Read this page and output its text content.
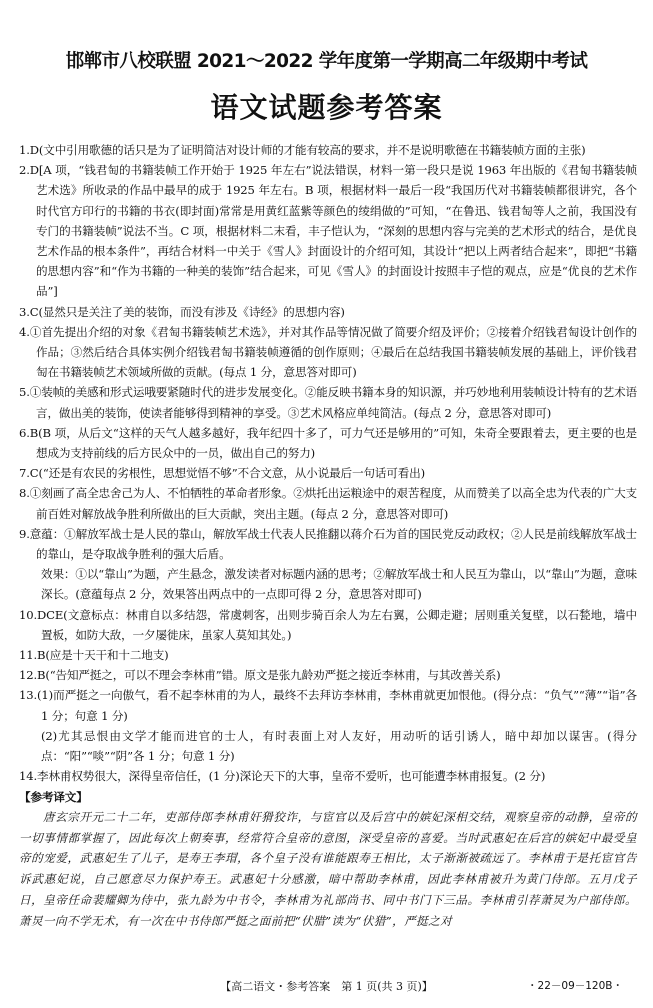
邯郸市八校联盟 2021～2022 学年度第一学期高二年级期中考试
语文试题参考答案

1.D(文中引用歌德的话只是为了证明简洁对设计师的才能有较高的要求，并不是说明歌德在书籍装帧方面的主张)

2.D[A 项，“钱君匋的书籍装帧工作开始于 1925 年左右”说法错误，材料一第一段只是说 1963 年出版的《君匋书籍装帧艺术选》所收录的作品中最早的成于 1925 年左右。B 项，根据材料一最后一段“我国历代对书籍装帧都很讲究，各个时代官方印行的书籍的书衣(即封面)常常是用黄红蓝紫等颜色的绫绢做的”可知，“在鲁迅、钱君匋等人之前，我国没有专门的书籍装帧”说法不当。C 项，根据材料二末看，丰子恺认为，“深刻的思想内容与完美的艺术形式的结合，是优良艺术作品的根本条件”，再结合材料一中关于《雪人》封面设计的介绍可知，其设计“把以上两者结合起来”，即把“书籍的思想内容”和“作为书籍的一种美的装饰”结合起来，可见《雪人》的封面设计按照丰子恺的观点，应是“优良的艺术作品”]

3.C(显然只是关注了美的装饰，而没有涉及《诗经》的思想内容)

4.①首先提出介绍的对象《君匋书籍装帧艺术选》，并对其作品等情况做了简要介绍及评价；②接着介绍钱君匋设计创作的作品；③然后结合具体实例介绍钱君匋书籍装帧遵循的创作原则；④最后在总结我国书籍装帧发展的基础上，评价钱君匋在书籍装帧艺术领域所做的贡献。(每点 1 分，意思答对即可)

5.①装帧的美感和形式运哦要紧随时代的进步发展变化。②能反映书籍本身的知识源，并巧妙地利用装帧设计特有的艺术语言，做出美的装饰，使读者能够得到精神的享受。③艺术风格应单纯简洁。(每点 2 分，意思答对即可)

6.B(B 项，从后文“这样的天气人越多越好，我年纪四十多了，可力气还是够用的”可知，朱奇全要跟着去，更主要的也是想成为支持前线的后方民众中的一员，做出自己的努力)

7.C(“还是有农民的劣根性，思想觉悟不够”不合文意，从小说最后一句话可看出)

8.①刻画了高全忠舍己为人、不怕牺牲的革命者形象。②烘托出运粮途中的艰苦程度，从而赞美了以高全忠为代表的广大支前百姓对解放战争胜利所做出的巨大贡献，突出主题。(每点 2 分，意思答对即可)

9.意蕴：①解放军战士是人民的靠山，解放军战士代表人民推翻以蒋介石为首的国民党反动政权；②人民是前线解放军战士的靠山，是夺取战争胜利的强大后盾。

效果：①以“靠山”为题，产生悬念，激发读者对标题内涵的思考；②解放军战士和人民互为靠山，以“靠山”为题，意味深长。(意蕴每点 2 分，效果答出两点中的一点即可得 2 分，意思答对即可)

10.DCE(文意标点：林甫自以多结怨，常虞刺客，出则步骑百余人为左右翼，公卿走避；居则重关复壁，以石甃地，墙中置板，如防大敌，一夕屡徙床，虽家人莫知其处。)

11.B(应是十天干和十二地支)

12.B(“告知严挺之，可以不理会李林甫”错。原文是张九龄劝严挺之接近李林甫，与其改善关系)

13.(1)而严挺之一向傲气，看不起李林甫的为人，最终不去拜访李林甫，李林甫就更加恨他。(得分点：“负气”“薄”“诣”各 1 分；句意 1 分)

(2)尤其忌恨由文学才能而进官的士人，有时表面上对人友好，用动听的话引诱人，暗中却加以谋害。(得分点：“阳”“啖”“阴”各 1 分；句意 1 分)

14.李林甫权势很大，深得皇帝信任，(1 分)深论天下的大事，皇帝不爱听，也可能遭李林甫报复。(2 分)

【参考译文】

唐玄宗开元二十二年，吏部侍郎李林甫奸猾狡诈，与宦官以及后宫中的嫔妃深相交结，观察皇帝的动静，皇帝的一切事情都掌握了，因此每次上朝奏事，经常符合皇帝的意图，深受皇帝的喜爱。当时武惠妃在后宫的嫔妃中最受皇帝的宠爱，武惠妃生了儿子，是寿王李瑁，各个皇子没有谁能跟寿王相比，太子渐渐被疏远了。李林甫于是托宦官告诉武惠妃说，自己愿意尽力保护寿王。武惠妃十分感激，暗中帮助李林甫，因此李林甫被升为黄门侍郎。五月戊子日，皇帝任命裴耀卿为侍中，张九龄为中书令，李林甫为礼部尚书、同中书门下三品。李林甫引荐萧炅为户部侍郎。萧炅一向不学无术，有一次在中书侍郎严挺之面前把“伏腊”读为“伏猎”，严挺之对

【高二语文・参考答案　第 1 页(共 3 页)】	・22－09－120B・
